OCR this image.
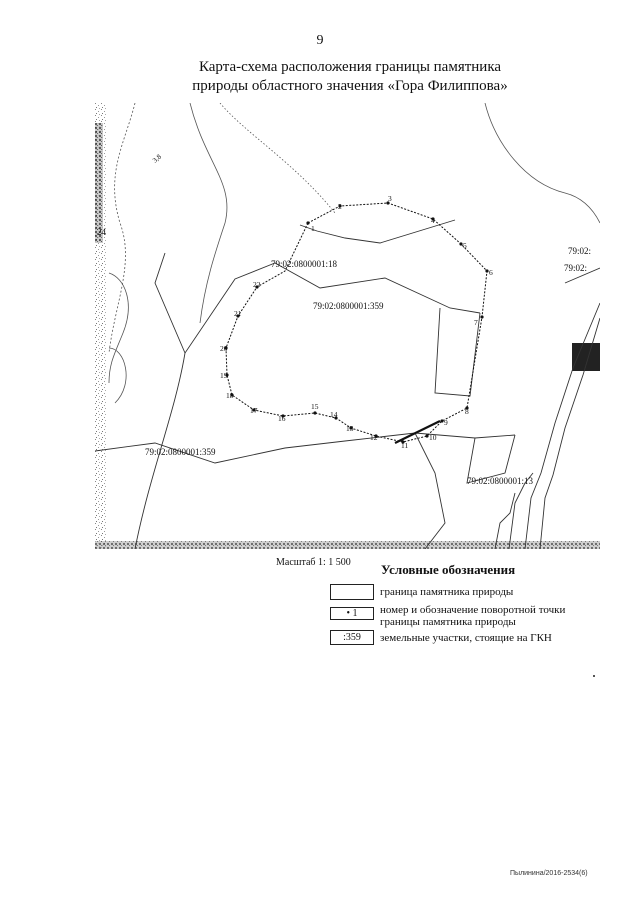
9
Карта-схема расположения границы памятника
природы областного значения «Гора Филиппова»
1
2
3
4
5
6
7
8
9
10
11
12
13
14
15
16
17
18
19
20
21
22
79:02:0800001:18
79:02:0800001:359
79:02:0800001:359
79:02:0800001:13
79:02:
79:02:
24
3,8
Масштаб 1: 1 500 Условные обозначения
граница памятника природы
• 1	номер и обозначение поворотной точки
границы памятника природы
:359	земельные участки, стоящие на ГКН
Пылинина/2016-2534(6)
